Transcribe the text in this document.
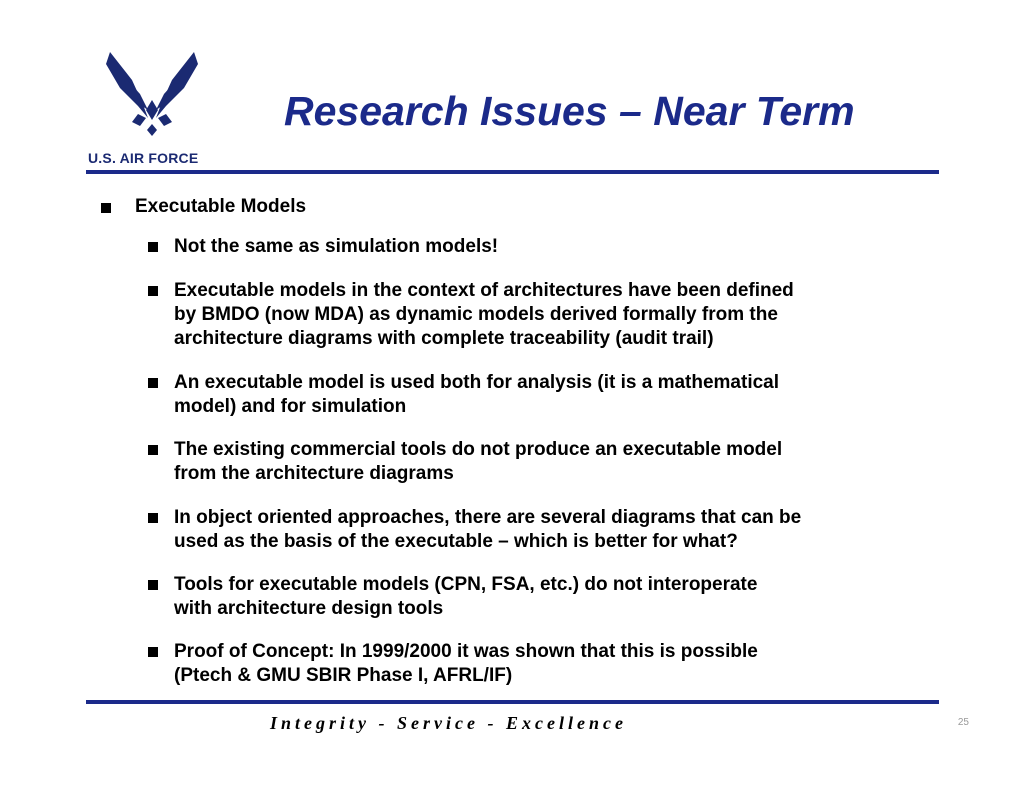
U.S. AIR FORCE
Research Issues – Near Term
Executable Models
Not the same as simulation models!
Executable models in the context of architectures have been defined
by BMDO (now MDA) as dynamic models derived formally from the
architecture diagrams with complete traceability (audit trail)
An executable model is used both for analysis (it is a mathematical
model) and for simulation
The existing commercial tools do not produce an executable model
from the architecture diagrams
In object oriented approaches, there are several diagrams that can be
used as the basis of the executable – which is better for what?
Tools for executable models (CPN, FSA, etc.) do not interoperate
with architecture design tools
Proof of Concept: In 1999/2000 it was shown that this is possible
(Ptech & GMU SBIR Phase I, AFRL/IF)
Integrity - Service - Excellence	25
